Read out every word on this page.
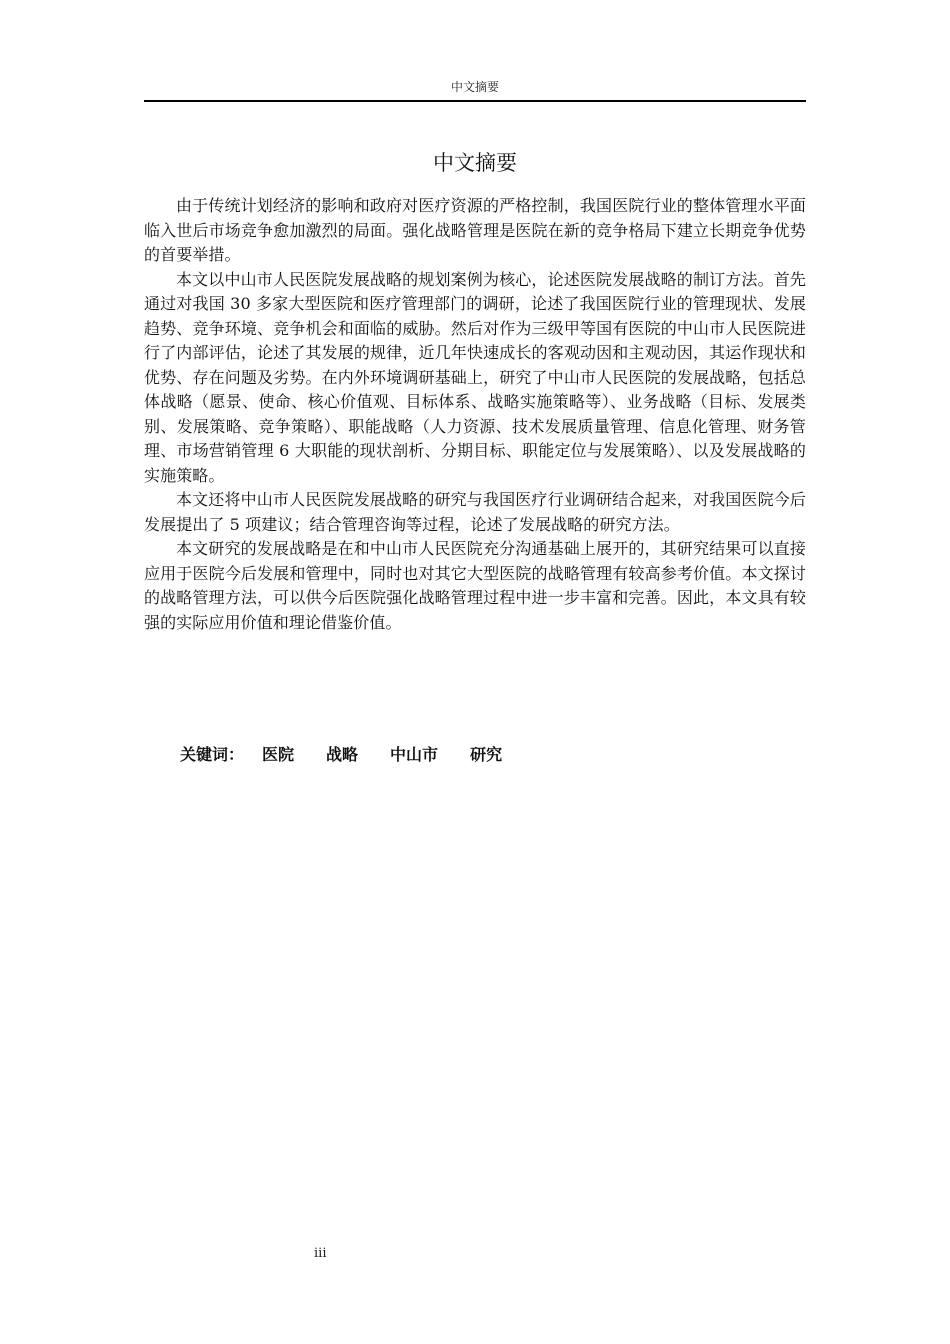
中文摘要
中文摘要

由于传统计划经济的影响和政府对医疗资源的严格控制，我国医院行业的整体管理水平面临入世后市场竞争愈加激烈的局面。强化战略管理是医院在新的竞争格局下建立长期竞争优势的首要举措。

本文以中山市人民医院发展战略的规划案例为核心，论述医院发展战略的制订方法。首先通过对我国 30 多家大型医院和医疗管理部门的调研，论述了我国医院行业的管理现状、发展趋势、竞争环境、竞争机会和面临的威胁。然后对作为三级甲等国有医院的中山市人民医院进行了内部评估，论述了其发展的规律，近几年快速成长的客观动因和主观动因，其运作现状和优势、存在问题及劣势。在内外环境调研基础上，研究了中山市人民医院的发展战略，包括总体战略（愿景、使命、核心价值观、目标体系、战略实施策略等）、业务战略（目标、发展类别、发展策略、竞争策略）、职能战略（人力资源、技术发展质量管理、信息化管理、财务管理、市场营销管理 6 大职能的现状剖析、分期目标、职能定位与发展策略）、以及发展战略的实施策略。

本文还将中山市人民医院发展战略的研究与我国医疗行业调研结合起来，对我国医院今后发展提出了 5 项建议；结合管理咨询等过程，论述了发展战略的研究方法。

本文研究的发展战略是在和中山市人民医院充分沟通基础上展开的，其研究结果可以直接应用于医院今后发展和管理中，同时也对其它大型医院的战略管理有较高参考价值。本文探讨的战略管理方法，可以供今后医院强化战略管理过程中进一步丰富和完善。因此，本文具有较强的实际应用价值和理论借鉴价值。

关键词： 医院 战略 中山市 研究
iii
